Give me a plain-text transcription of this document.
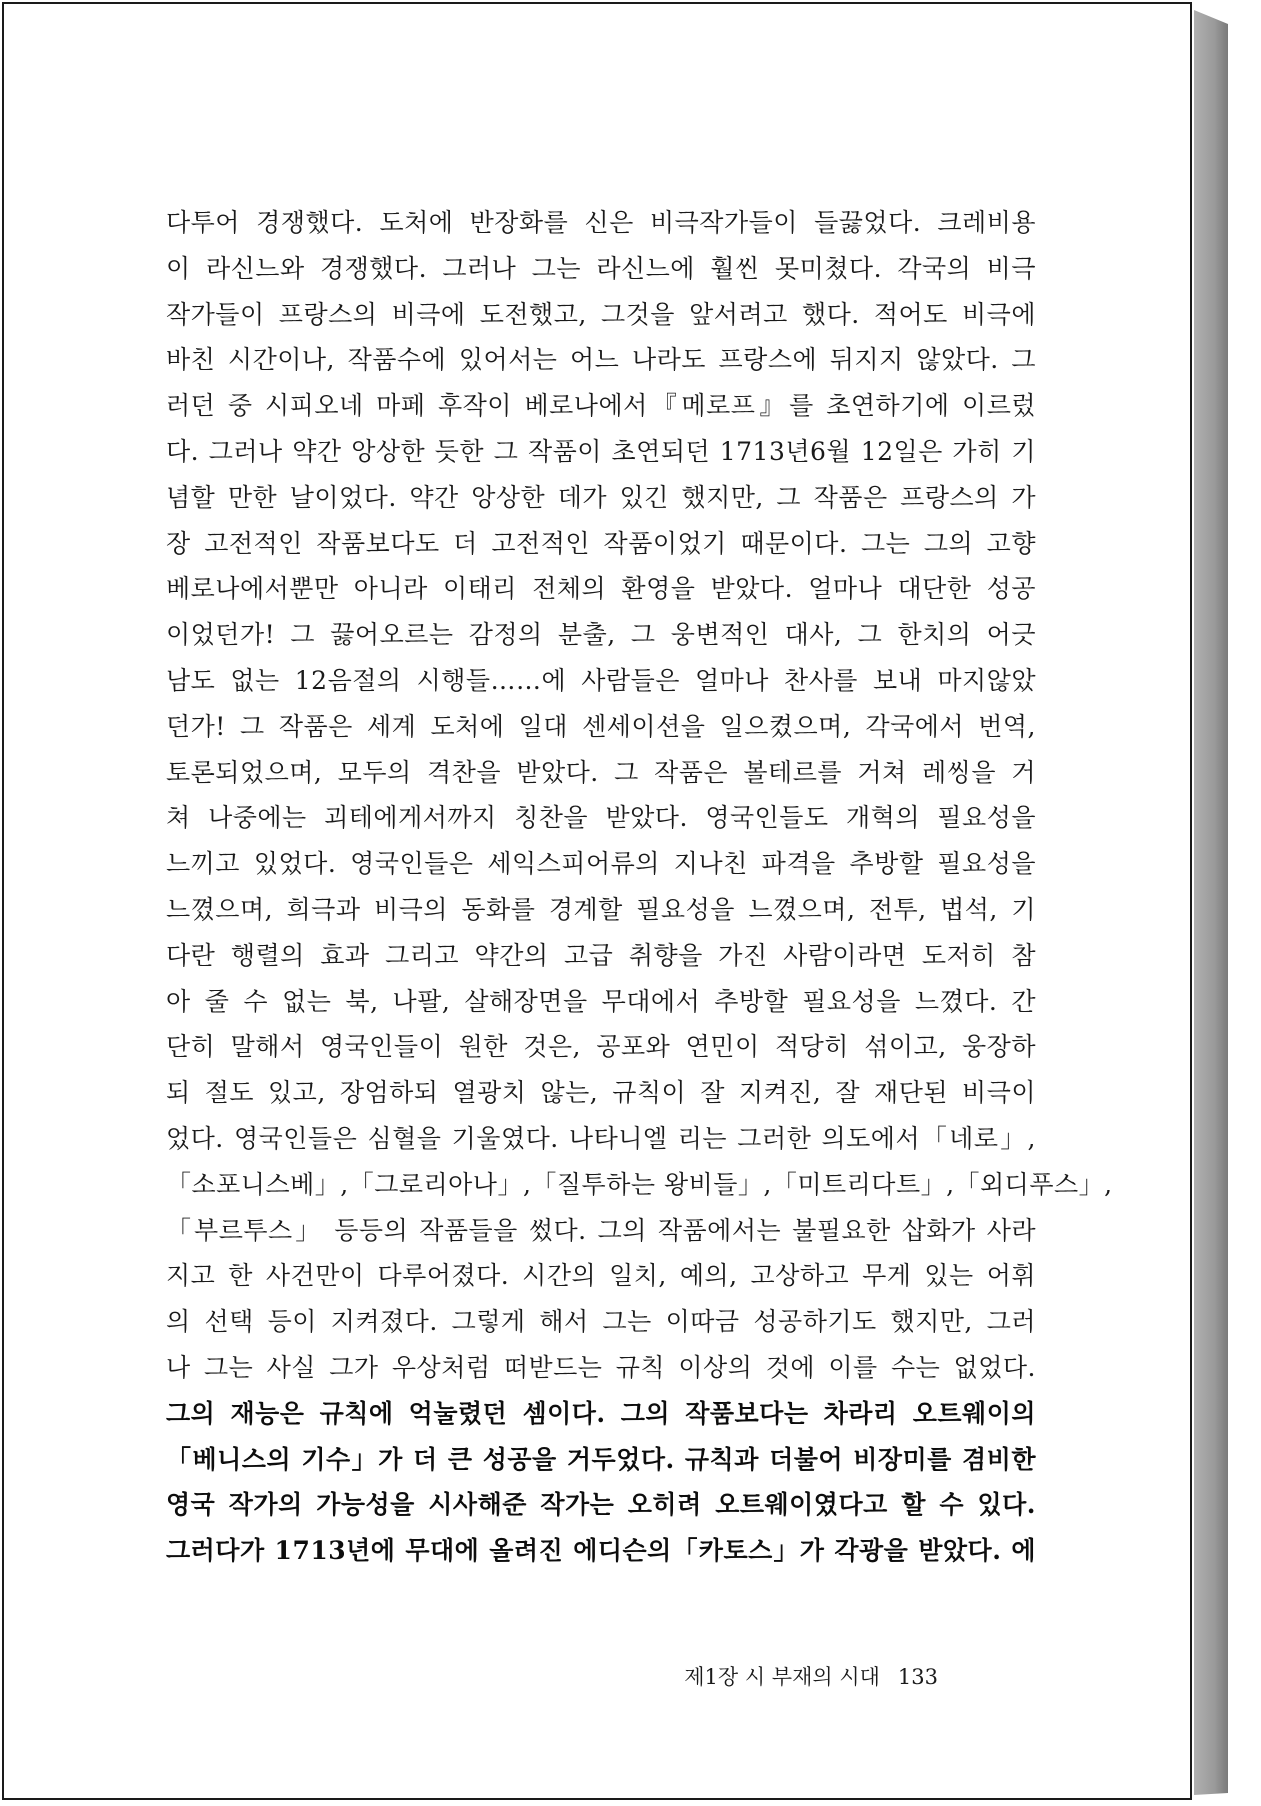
다투어 경쟁했다. 도처에 반장화를 신은 비극작가들이 들끓었다. 크레비용
이 라신느와 경쟁했다. 그러나 그는 라신느에 훨씬 못미쳤다. 각국의 비극
작가들이 프랑스의 비극에 도전했고, 그것을 앞서려고 했다. 적어도 비극에
바친 시간이나, 작품수에 있어서는 어느 나라도 프랑스에 뒤지지 않았다. 그
러던 중 시피오네 마페 후작이 베로나에서『메로프』를 초연하기에 이르렀
다. 그러나 약간 앙상한 듯한 그 작품이 초연되던 1713년6월 12일은 가히 기
념할 만한 날이었다. 약간 앙상한 데가 있긴 했지만, 그 작품은 프랑스의 가
장 고전적인 작품보다도 더 고전적인 작품이었기 때문이다. 그는 그의 고향
베로나에서뿐만 아니라 이태리 전체의 환영을 받았다. 얼마나 대단한 성공
이었던가! 그 끓어오르는 감정의 분출, 그 웅변적인 대사, 그 한치의 어긋
남도 없는 12음절의 시행들……에 사람들은 얼마나 찬사를 보내 마지않았
던가! 그 작품은 세계 도처에 일대 센세이션을 일으켰으며, 각국에서 번역,
토론되었으며, 모두의 격찬을 받았다. 그 작품은 볼테르를 거쳐 레씽을 거
쳐 나중에는 괴테에게서까지 칭찬을 받았다. 영국인들도 개혁의 필요성을
느끼고 있었다. 영국인들은 세익스피어류의 지나친 파격을 추방할 필요성을
느꼈으며, 희극과 비극의 동화를 경계할 필요성을 느꼈으며, 전투, 법석, 기
다란 행렬의 효과 그리고 약간의 고급 취향을 가진 사람이라면 도저히 참
아 줄 수 없는 북, 나팔, 살해장면을 무대에서 추방할 필요성을 느꼈다. 간
단히 말해서 영국인들이 원한 것은, 공포와 연민이 적당히 섞이고, 웅장하
되 절도 있고, 장엄하되 열광치 않는, 규칙이 잘 지켜진, 잘 재단된 비극이
었다. 영국인들은 심혈을 기울였다. 나타니엘 리는 그러한 의도에서「네로」,
「소포니스베」,「그로리아나」,「질투하는 왕비들」,「미트리다트」,「외디푸스」,
「부르투스」 등등의 작품들을 썼다. 그의 작품에서는 불필요한 삽화가 사라
지고 한 사건만이 다루어졌다. 시간의 일치, 예의, 고상하고 무게 있는 어휘
의 선택 등이 지켜졌다. 그렇게 해서 그는 이따금 성공하기도 했지만, 그러
나 그는 사실 그가 우상처럼 떠받드는 규칙 이상의 것에 이를 수는 없었다.
그의 재능은 규칙에 억눌렸던 셈이다. 그의 작품보다는 차라리 오트웨이의
「베니스의 기수」가 더 큰 성공을 거두었다. 규칙과 더불어 비장미를 겸비한
영국 작가의 가능성을 시사해준 작가는 오히려 오트웨이였다고 할 수 있다.
그러다가 1713년에 무대에 올려진 에디슨의「카토스」가 각광을 받았다. 에
제1장 시 부재의 시대 133
